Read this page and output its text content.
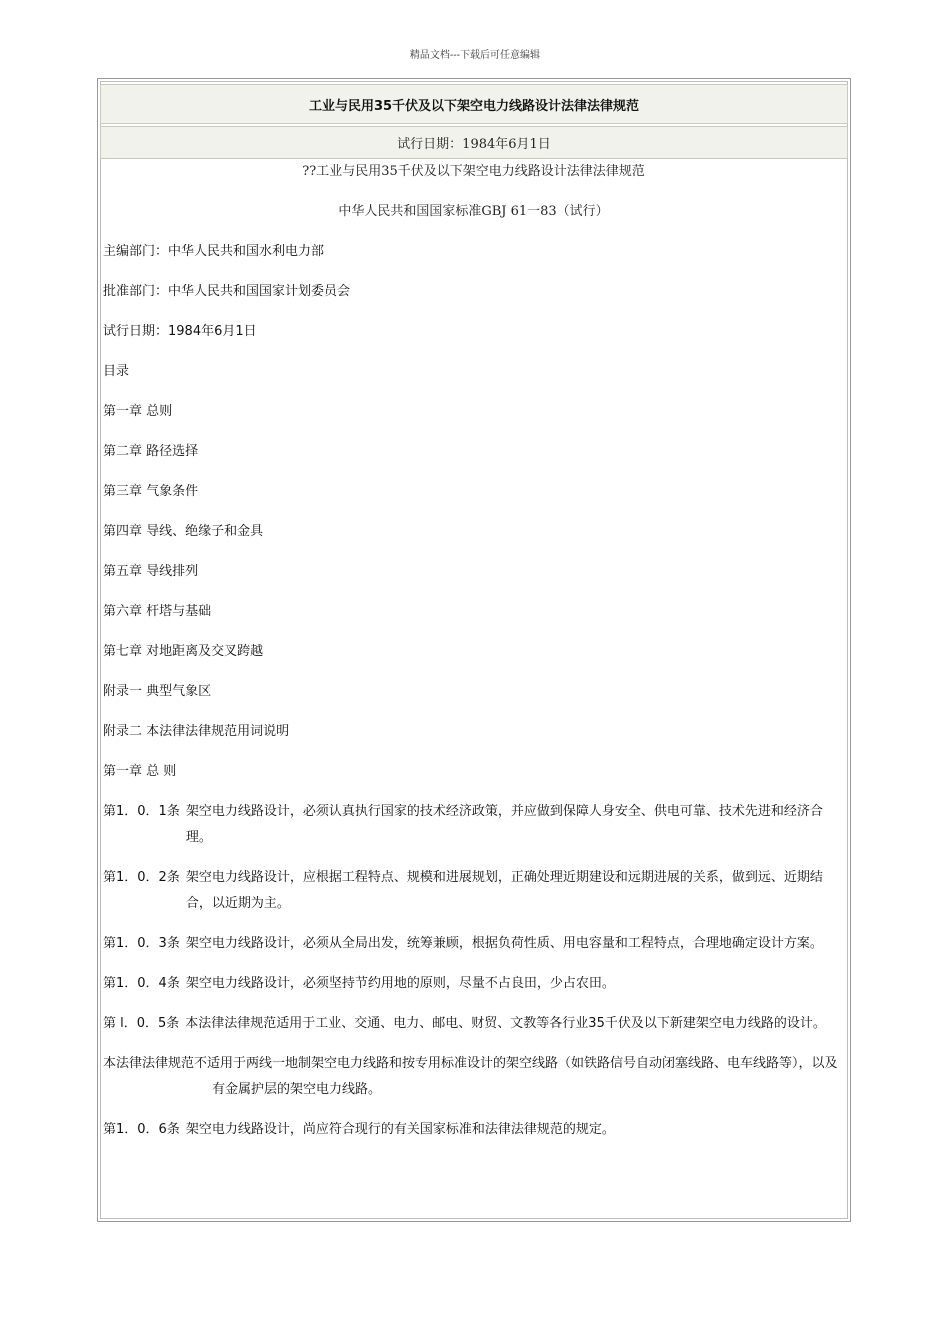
精品文档---下载后可任意编辑
工业与民用35千伏及以下架空电力线路设计法律法律规范
试行日期：1984年6月1日
??工业与民用35千伏及以下架空电力线路设计法律法律规范
中华人民共和国国家标准GBJ 61一83（试行）
主编部门：中华人民共和国水利电力部
批准部门：中华人民共和国国家计划委员会
试行日期：1984年6月1日
目录
第一章 总则
第二章 路径选择
第三章 气象条件
第四章 导线、绝缘子和金具
第五章 导线排列
第六章 杆塔与基础
第七章 对地距离及交叉跨越
附录一 典型气象区
附录二 本法律法律规范用词说明
第一章 总 则
第1．0．1条 架空电力线路设计，必须认真执行国家的技术经济政策，并应做到保障人身安全、供电可靠、技术先进和经济合理。
第1．0．2条 架空电力线路设计，应根据工程特点、规模和进展规划，正确处理近期建设和远期进展的关系，做到远、近期结合，以近期为主。
第1．0．3条 架空电力线路设计，必须从全局出发，统筹兼顾，根据负荷性质、用电容量和工程特点，合理地确定设计方案。
第1．0．4条 架空电力线路设计，必须坚持节约用地的原则，尽量不占良田，少占农田。
第 l．0．5条 本法律法律规范适用于工业、交通、电力、邮电、财贸、文教等各行业35千伏及以下新建架空电力线路的设计。
本法律法律规范不适用于两线一地制架空电力线路和按专用标准设计的架空线路（如铁路信号自动闭塞线路、电车线路等），以及有金属护层的架空电力线路。
第1．0．6条 架空电力线路设计，尚应符合现行的有关国家标准和法律法律规范的规定。
